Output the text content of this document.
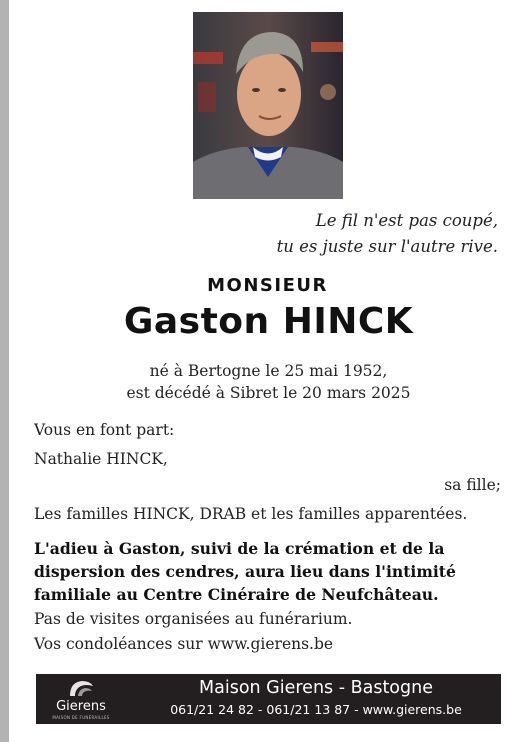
Le fil n'est pas coupé,
tu es juste sur l'autre rive.
MONSIEUR
Gaston HINCK
né à Bertogne le 25 mai 1952,
est décédé à Sibret le 20 mars 2025
Vous en font part:
Nathalie HINCK,
sa fille;
Les familles HINCK, DRAB et les familles apparentées.
L'adieu à Gaston, suivi de la crémation et de la dispersion des cendres, aura lieu dans l'intimité familiale au Centre Cinéraire de Neufchâteau.
Pas de visites organisées au funérarium.
Vos condoléances sur www.gierens.be
Gierens
MAISON DE FUNÉRAILLES
Maison Gierens - Bastogne
061/21 24 82 - 061/21 13 87 - www.gierens.be
